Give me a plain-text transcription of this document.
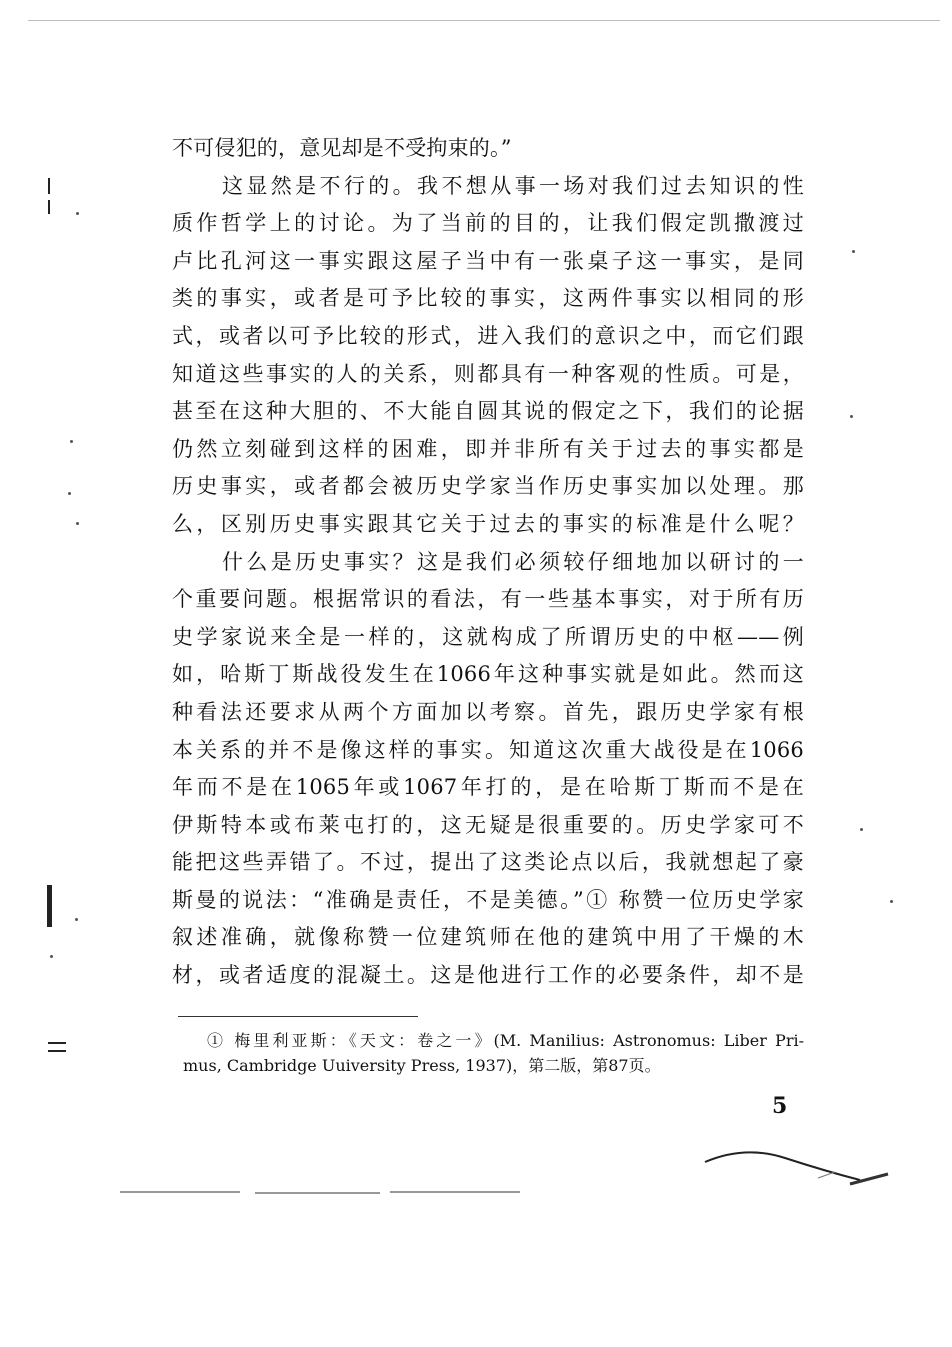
不可侵犯的，意见却是不受拘束的。”
这显然是不行的。我不想从事一场对我们过去知识的性
质作哲学上的讨论。为了当前的目的，让我们假定凯撒渡过
卢比孔河这一事实跟这屋子当中有一张桌子这一事实，是同
类的事实，或者是可予比较的事实，这两件事实以相同的形
式，或者以可予比较的形式，进入我们的意识之中，而它们跟
知道这些事实的人的关系，则都具有一种客观的性质。可是，
甚至在这种大胆的、不大能自圆其说的假定之下，我们的论据
仍然立刻碰到这样的困难，即并非所有关于过去的事实都是
历史事实，或者都会被历史学家当作历史事实加以处理。那
么，区别历史事实跟其它关于过去的事实的标准是什么呢？
什么是历史事实？这是我们必须较仔细地加以研讨的一
个重要问题。根据常识的看法，有一些基本事实，对于所有历
史学家说来全是一样的，这就构成了所谓历史的中枢——例
如，哈斯丁斯战役发生在1066年这种事实就是如此。然而这
种看法还要求从两个方面加以考察。首先，跟历史学家有根
本关系的并不是像这样的事实。知道这次重大战役是在1066
年而不是在1065年或1067年打的，是在哈斯丁斯而不是在
伊斯特本或布莱屯打的，这无疑是很重要的。历史学家可不
能把这些弄错了。不过，提出了这类论点以后，我就想起了豪
斯曼的说法：“准确是责任，不是美德。”① 称赞一位历史学家
叙述准确，就像称赞一位建筑师在他的建筑中用了干燥的木
材，或者适度的混凝土。这是他进行工作的必要条件，却不是
① 梅里利亚斯：《天文：卷之一》(M. Manilius: Astronomus: Liber Pri-
mus, Cambridge Uuiversity Press, 1937)，第二版，第87页。
5
